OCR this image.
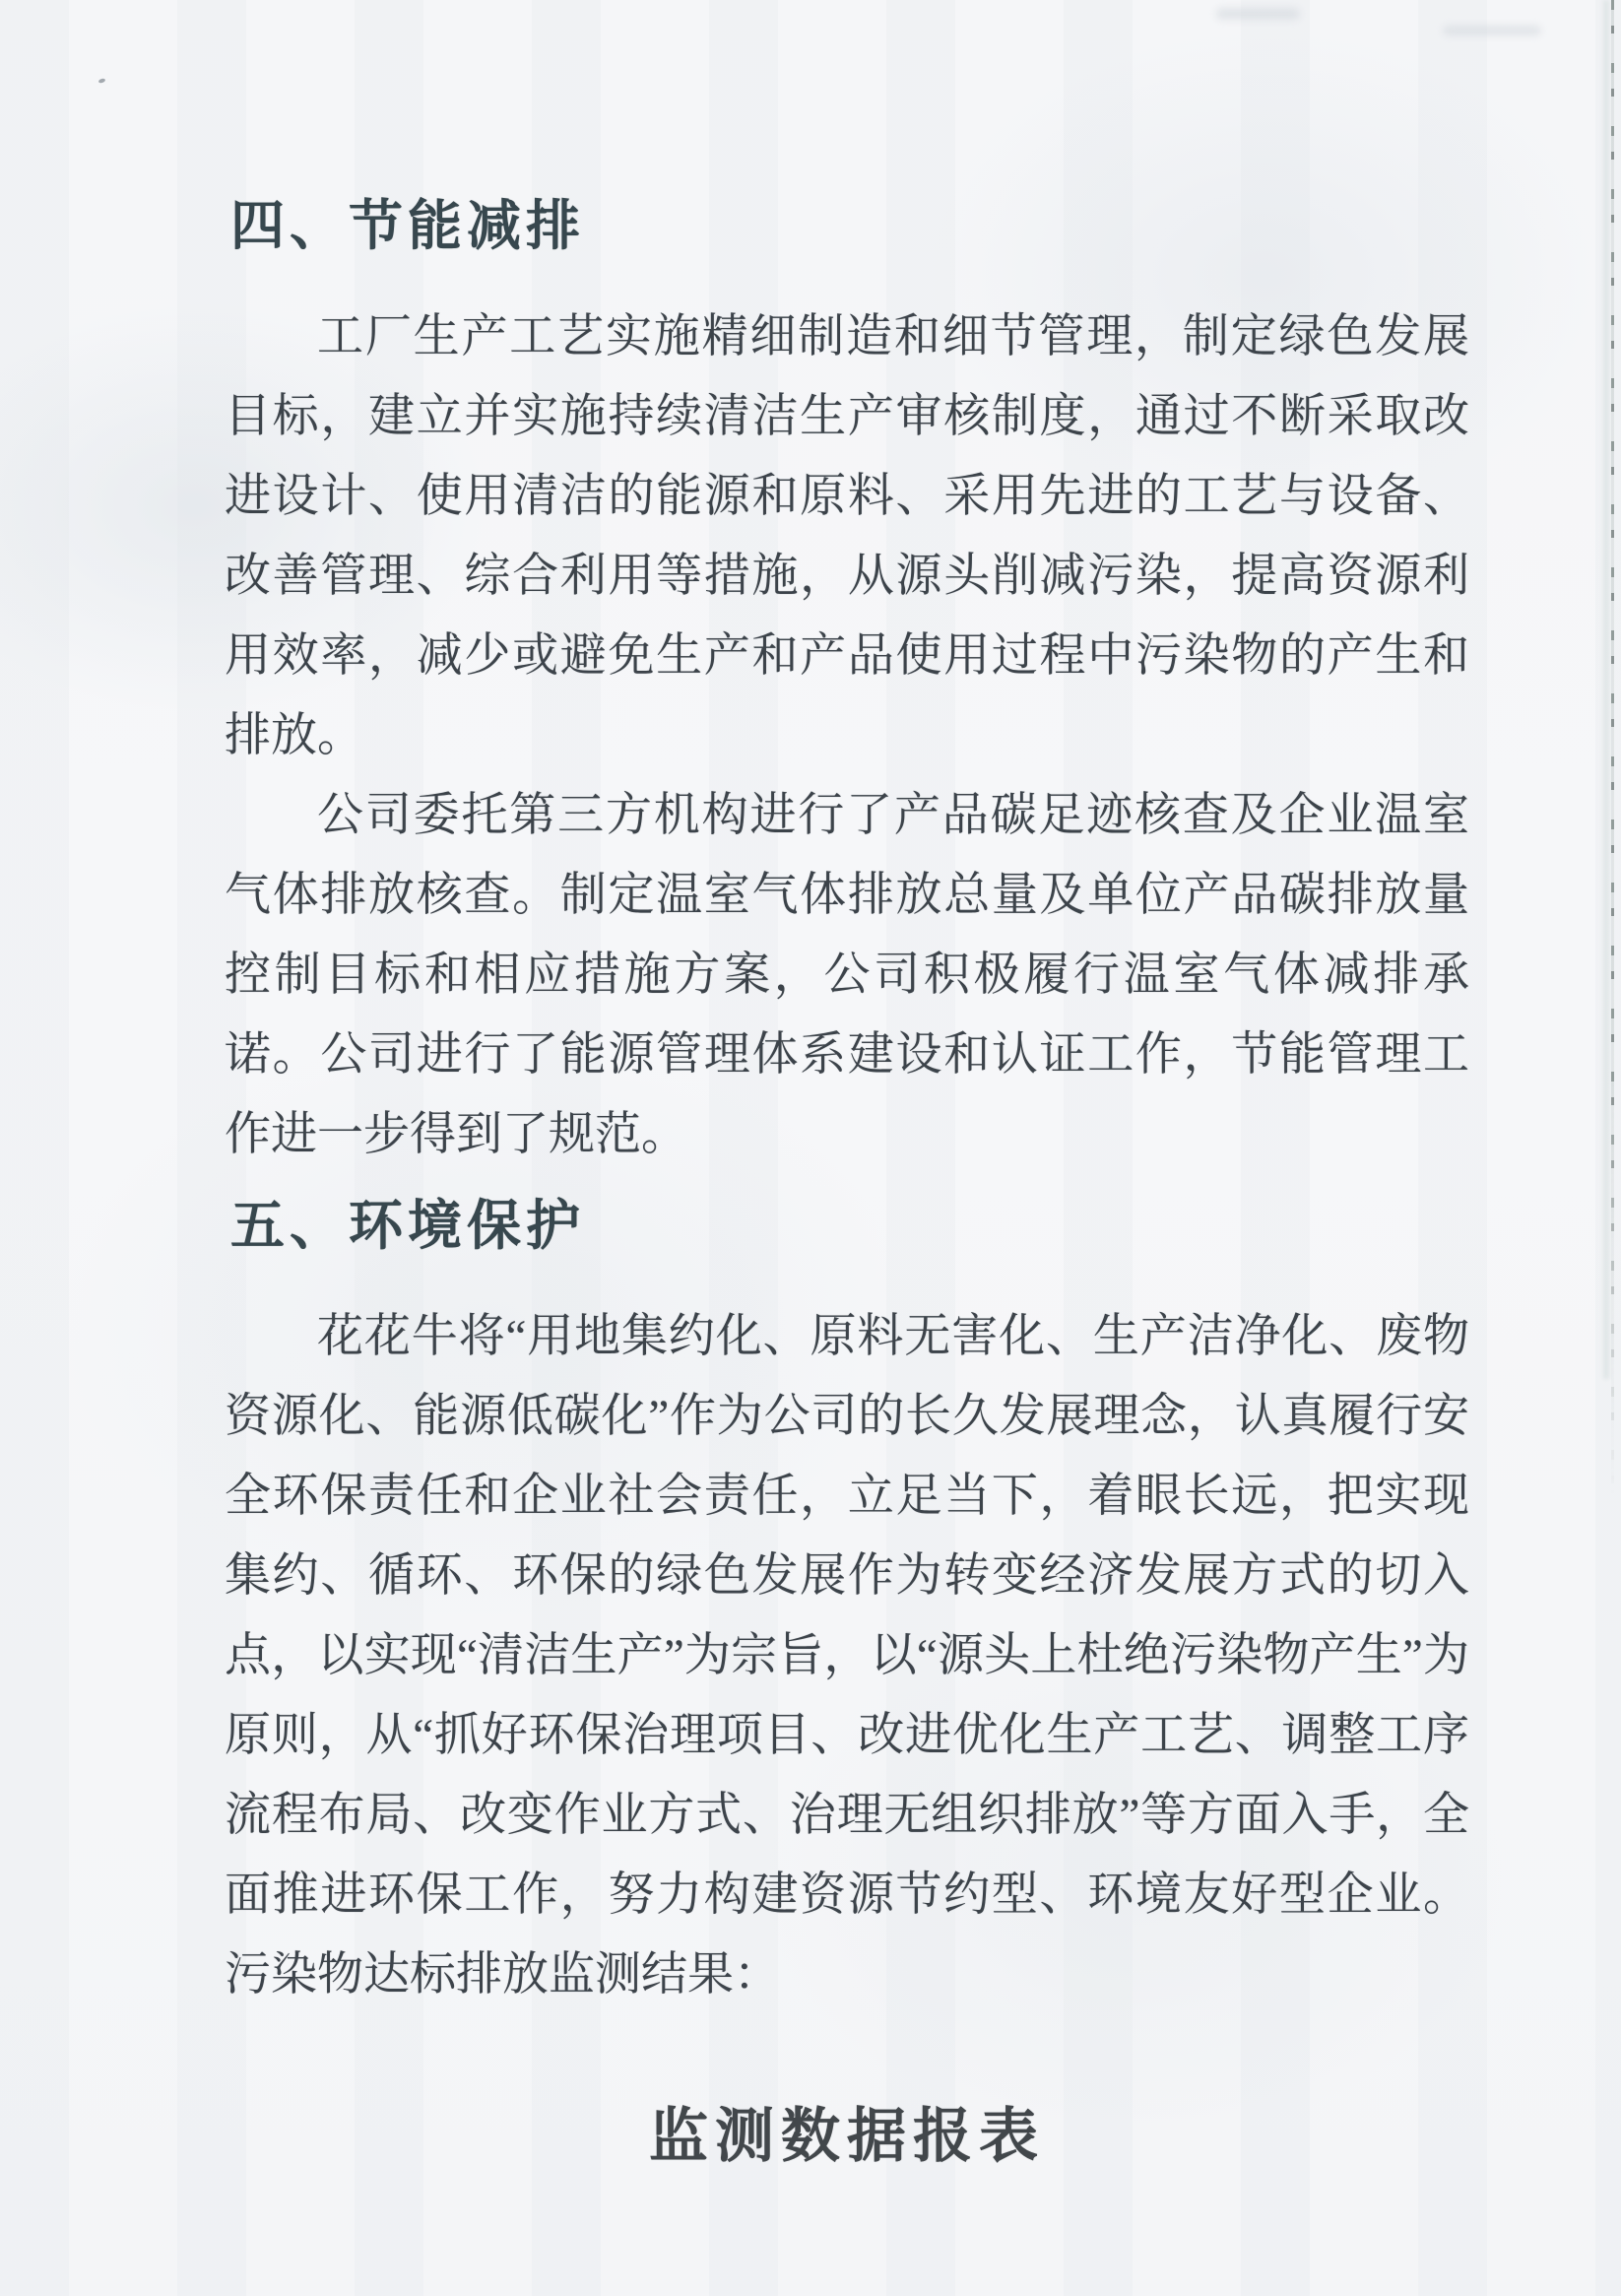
四、节能减排

工厂生产工艺实施精细制造和细节管理，制定绿色发展目标，建立并实施持续清洁生产审核制度，通过不断采取改进设计、使用清洁的能源和原料、采用先进的工艺与设备、改善管理、综合利用等措施，从源头削减污染，提高资源利用效率，减少或避免生产和产品使用过程中污染物的产生和排放。

公司委托第三方机构进行了产品碳足迹核查及企业温室气体排放核查。制定温室气体排放总量及单位产品碳排放量控制目标和相应措施方案，公司积极履行温室气体减排承诺。公司进行了能源管理体系建设和认证工作，节能管理工作进一步得到了规范。

五、环境保护

花花牛将“用地集约化、原料无害化、生产洁净化、废物资源化、能源低碳化”作为公司的长久发展理念，认真履行安全环保责任和企业社会责任，立足当下，着眼长远，把实现集约、循环、环保的绿色发展作为转变经济发展方式的切入点，以实现“清洁生产”为宗旨，以“源头上杜绝污染物产生”为原则，从“抓好环保治理项目、改进优化生产工艺、调整工序流程布局、改变作业方式、治理无组织排放”等方面入手，全面推进环保工作，努力构建资源节约型、环境友好型企业。污染物达标排放监测结果：

监测数据报表
